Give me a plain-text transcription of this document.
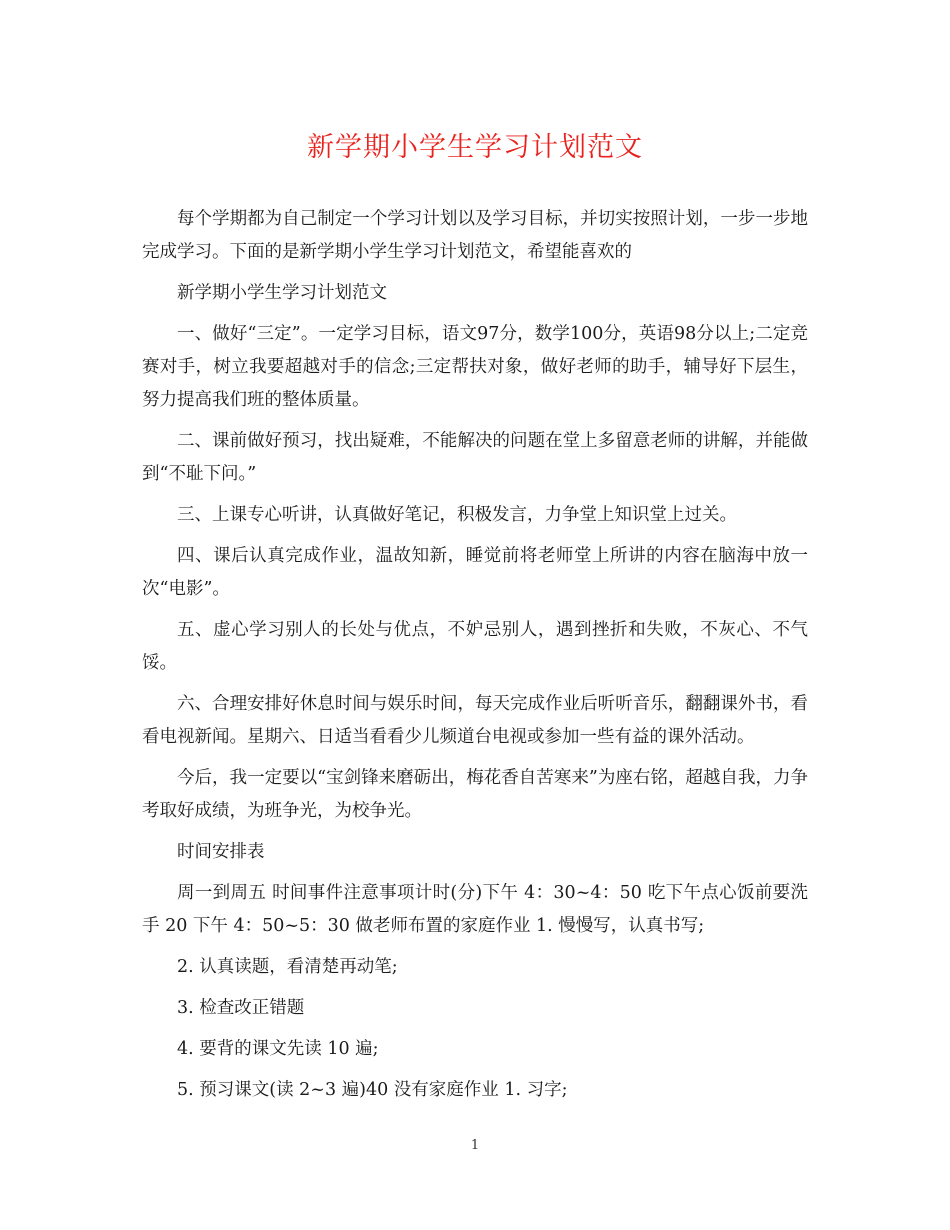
新学期小学生学习计划范文

每个学期都为自己制定一个学习计划以及学习目标，并切实按照计划，一步一步地完成学习。下面的是新学期小学生学习计划范文，希望能喜欢的

新学期小学生学习计划范文

一、做好“三定”。一定学习目标，语文97分，数学100分，英语98分以上;二定竞赛对手，树立我要超越对手的信念;三定帮扶对象，做好老师的助手，辅导好下层生，努力提高我们班的整体质量。

二、课前做好预习，找出疑难，不能解决的问题在堂上多留意老师的讲解，并能做到“不耻下问。”

三、上课专心听讲，认真做好笔记，积极发言，力争堂上知识堂上过关。

四、课后认真完成作业，温故知新，睡觉前将老师堂上所讲的内容在脑海中放一次“电影”。

五、虚心学习别人的长处与优点，不妒忌别人，遇到挫折和失败，不灰心、不气馁。

六、合理安排好休息时间与娱乐时间，每天完成作业后听听音乐，翻翻课外书，看看电视新闻。星期六、日适当看看少儿频道台电视或参加一些有益的课外活动。

今后，我一定要以“宝剑锋来磨砺出，梅花香自苦寒来”为座右铭，超越自我，力争考取好成绩，为班争光，为校争光。

时间安排表

周一到周五 时间事件注意事项计时(分)下午 4：30~4：50 吃下午点心饭前要洗手 20 下午 4：50~5：30 做老师布置的家庭作业 1. 慢慢写，认真书写;

2. 认真读题，看清楚再动笔;

3. 检查改正错题

4. 要背的课文先读 10 遍;

5. 预习课文(读 2~3 遍)40 没有家庭作业 1. 习字;

1
